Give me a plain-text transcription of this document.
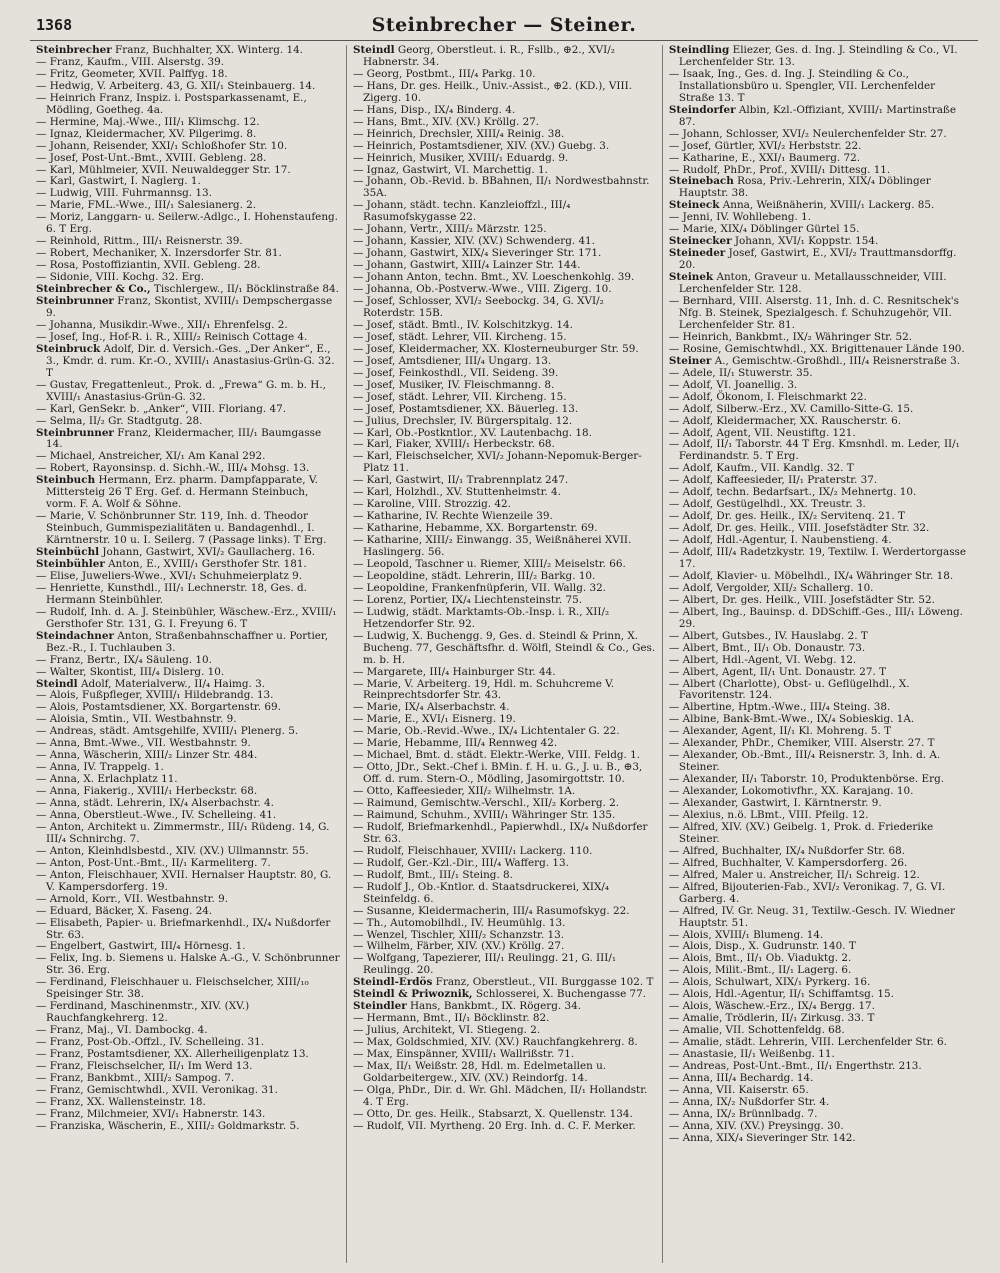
1368	Steinbrecher — Steiner.

Steinbrecher Franz, Buchhalter, XX. Winterg. 14.

— Franz, Kaufm., VIII. Alserstg. 39.

— Fritz, Geometer, XVII. Palffyg. 18.

— Hedwig, V. Arbeiterg. 43, G. XII/₁ Steinbauerg. 14.

— Heinrich Franz, Inspiz. i. Postsparkassenamt, E., Mödling, Goetheg. 4a.

— Hermine, Maj.-Wwe., III/₁ Klimschg. 12.

— Ignaz, Kleidermacher, XV. Pilgerimg. 8.

— Johann, Reisender, XXI/₁ Schloßhofer Str. 10.

— Josef, Post-Unt.-Bmt., XVIII. Gebleng. 28.

— Karl, Mühlmeier, XVII. Neuwaldegger Str. 17.

— Karl, Gastwirt, I. Naglerg. 1.

— Ludwig, VIII. Fuhrmannsg. 13.

— Marie, FML.-Wwe., III/₁ Salesianerg. 2.

— Moriz, Langgarn- u. Seilerw.-Adlgc., I. Hohenstaufeng. 6. T Erg.

— Reinhold, Rittm., III/₁ Reisnerstr. 39.

— Robert, Mechaniker, X. Inzersdorfer Str. 81.

— Rosa, Postoffiziantin, XVII. Gebleng. 28.

— Sidonie, VIII. Kochg. 32. Erg.

Steinbrecher & Co., Tischlergew., II/₁ Böcklinstraße 84.

Steinbrunner Franz, Skontist, XVIII/₁ Dempschergasse 9.

— Johanna, Musikdir.-Wwe., XII/₁ Ehrenfelsg. 2.

— Josef, Ing., Hof-R. i. R., XIII/₂ Reinisch Cottage 4.

Steinbruck Adolf, Dir. d. Versich.-Ges. „Der Anker“, E., 3., Kmdr. d. rum. Kr.-O., XVIII/₁ Anastasius-Grün-G. 32. T

— Gustav, Fregattenleut., Prok. d. „Frewa“ G. m. b. H., XVIII/₁ Anastasius-Grün-G. 32.

— Karl, GenSekr. b. „Anker“, VIII. Floriang. 47.

— Selma, II/₂ Gr. Stadtgutg. 28.

Steinbrunner Franz, Kleidermacher, III/₁ Baumgasse 14.

— Michael, Anstreicher, XI/₁ Am Kanal 292.

— Robert, Rayonsinsp. d. Sichh.-W., III/₄ Mohsg. 13.

Steinbuch Hermann, Erz. pharm. Dampfapparate, V. Mittersteig 26 T Erg. Gef. d. Hermann Steinbuch, vorm. F. A. Wolf & Söhne.

— Marie, V. Schönbrunner Str. 119, Inh. d. Theodor Steinbuch, Gummispezialitäten u. Bandagenhdl., I. Kärntnerstr. 10 u. I. Seilerg. 7 (Passage links). T Erg.

Steinbüchl Johann, Gastwirt, XVI/₂ Gaullacherg. 16.

Steinbühler Anton, E., XVIII/₁ Gersthofer Str. 181.

— Elise, Juweliers-Wwe., XVI/₁ Schuhmeierplatz 9.

— Henriette, Kunsthdl., III/₁ Lechnerstr. 18, Ges. d. Hermann Steinbühler.

— Rudolf, Inh. d. A. J. Steinbühler, Wäschew.-Erz., XVIII/₁ Gersthofer Str. 131, G. I. Freyung 6. T

Steindachner Anton, Straßenbahnschaffner u. Portier, Bez.-R., I. Tuchlauben 3.

— Franz, Bertr., IX/₄ Säuleng. 10.

— Walter, Skontist, III/₄ Dislerg. 10.

Steindl Adolf, Materialverw., II/₄ Haimg. 3.

— Alois, Fußpfleger, XVIII/₁ Hildebrandg. 13.

— Alois, Postamtsdiener, XX. Borgartenstr. 69.

— Aloisia, Smtin., VII. Westbahnstr. 9.

— Andreas, städt. Amtsgehilfe, XVIII/₁ Plenerg. 5.

— Anna, Bmt.-Wwe., VII. Westbahnstr. 9.

— Anna, Wäscherin, XIII/₂ Linzer Str. 484.

— Anna, IV. Trappelg. 1.

— Anna, X. Erlachplatz 11.

— Anna, Fiakerig., XVIII/₁ Herbeckstr. 68.

— Anna, städt. Lehrerin, IX/₄ Alserbachstr. 4.

— Anna, Oberstleut.-Wwe., IV. Schelleing. 41.

— Anton, Architekt u. Zimmermstr., III/₁ Rüdeng. 14, G. III/₄ Schnirchg. 7.

— Anton, Kleinhdlsbestd., XIV. (XV.) Ullmannstr. 55.

— Anton, Post-Unt.-Bmt., II/₁ Karmeliterg. 7.

— Anton, Fleischhauer, XVII. Hernalser Hauptstr. 80, G. V. Kampersdorferg. 19.

— Arnold, Korr., VII. Westbahnstr. 9.

— Eduard, Bäcker, X. Faseng. 24.

— Elisabeth, Papier- u. Briefmarkenhdl., IX/₄ Nußdorfer Str. 63.

— Engelbert, Gastwirt, III/₄ Hörnesg. 1.

— Felix, Ing. b. Siemens u. Halske A.-G., V. Schönbrunner Str. 36. Erg.

— Ferdinand, Fleischhauer u. Fleischselcher, XIII/₁₀ Speisinger Str. 38.

— Ferdinand, Maschinenmstr., XIV. (XV.) Rauchfangkehrerg. 12.

— Franz, Maj., VI. Dambockg. 4.

— Franz, Post-Ob.-Offzl., IV. Schelleing. 31.

— Franz, Postamtsdiener, XX. Allerheiligenplatz 13.

— Franz, Fleischselcher, II/₁ Im Werd 13.

— Franz, Bankbmt., XIII/₂ Sampog. 7.

— Franz, Gemischtwhdl., XVII. Veronikag. 31.

— Franz, XX. Wallensteinstr. 18.

— Franz, Milchmeier, XVI/₁ Habnerstr. 143.

— Franziska, Wäscherin, E., XIII/₂ Goldmarkstr. 5.

Steindl Georg, Oberstleut. i. R., Fsllb., ⊕2., XVI/₂ Habnerstr. 34.

— Georg, Postbmt., III/₄ Parkg. 10.

— Hans, Dr. ges. Heilk., Univ.-Assist., ⊕2. (KD.), VIII. Zigerg. 10.

— Hans, Disp., IX/₄ Binderg. 4.

— Hans, Bmt., XIV. (XV.) Kröllg. 27.

— Heinrich, Drechsler, XIII/₄ Reinig. 38.

— Heinrich, Postamtsdiener, XIV. (XV.) Guebg. 3.

— Heinrich, Musiker, XVIII/₁ Eduardg. 9.

— Ignaz, Gastwirt, VI. Marchettig. 1.

— Johann, Ob.-Revid. b. BBahnen, II/₁ Nordwestbahnstr. 35A.

— Johann, städt. techn. Kanzleioffzl., III/₄ Rasumofskygasse 22.

— Johann, Vertr., XIII/₂ Märzstr. 125.

— Johann, Kassier, XIV. (XV.) Schwenderg. 41.

— Johann, Gastwirt, XIX/₄ Sieveringer Str. 171.

— Johann, Gastwirt, XIII/₄ Lainzer Str. 144.

— Johann Anton, techn. Bmt., XV. Loeschenkohlg. 39.

— Johanna, Ob.-Postverw.-Wwe., VIII. Zigerg. 10.

— Josef, Schlosser, XVI/₂ Seebockg. 34, G. XVI/₂ Roterdstr. 15B.

— Josef, städt. Bmtl., IV. Kolschitzkyg. 14.

— Josef, städt. Lehrer, VII. Kircheng. 15.

— Josef, Kleidermacher, XX. Klosterneuburger Str. 59.

— Josef, Amtsdiener, III/₄ Ungarg. 13.

— Josef, Feinkosthdl., VII. Seideng. 39.

— Josef, Musiker, IV. Fleischmanng. 8.

— Josef, städt. Lehrer, VII. Kircheng. 15.

— Josef, Postamtsdiener, XX. Bäuerleg. 13.

— Julius, Drechsler, IV. Bürgerspitalg. 12.

— Karl, Ob.-Postkntlor., XV. Lautenbachg. 18.

— Karl, Fiaker, XVIII/₁ Herbeckstr. 68.

— Karl, Fleischselcher, XVI/₂ Johann-Nepomuk-Berger-Platz 11.

— Karl, Gastwirt, II/₁ Trabrennplatz 247.

— Karl, Holzhdl., XV. Stuttenheimstr. 4.

— Karoline, VIII. Strozzig. 42.

— Katharine, IV. Rechte Wienzeile 39.

— Katharine, Hebamme, XX. Borgartenstr. 69.

— Katharine, XIII/₂ Einwangg. 35, Weißnäherei XVII. Haslingerg. 56.

— Leopold, Taschner u. Riemer, XIII/₂ Meiselstr. 66.

— Leopoldine, städt. Lehrerin, III/₂ Barkg. 10.

— Leopoldine, Frankenfnüpferin, VII. Wallg. 32.

— Lorenz, Portier, IX/₄ Liechtensteinstr. 75.

— Ludwig, städt. Marktamts-Ob.-Insp. i. R., XII/₂ Hetzendorfer Str. 92.

— Ludwig, X. Buchengg. 9, Ges. d. Steindl & Prinn, X. Bucheng. 77, Geschäftsfhr. d. Wölfl, Steindl & Co., Ges. m. b. H.

— Margarete, III/₄ Hainburger Str. 44.

— Marie, V. Arbeiterg. 19, Hdl. m. Schuhcreme V. Reinprechtsdorfer Str. 43.

— Marie, IX/₄ Alserbachstr. 4.

— Marie, E., XVI/₁ Eisnerg. 19.

— Marie, Ob.-Revid.-Wwe., IX/₄ Lichtentaler G. 22.

— Marie, Hebamme, III/₄ Rennweg 42.

— Michael, Bmt. d. städt. Elektr.-Werke, VIII. Feldg. 1.

— Otto, JDr., Sekt.-Chef i. BMin. f. H. u. G., J. u. B., ⊕3, Off. d. rum. Stern-O., Mödling, Jasomirgottstr. 10.

— Otto, Kaffeesieder, XII/₂ Wilhelmstr. 1A.

— Raimund, Gemischtw.-Verschl., XII/₂ Korberg. 2.

— Raimund, Schuhm., XVIII/₁ Währinger Str. 135.

— Rudolf, Briefmarkenhdl., Papierwhdl., IX/₄ Nußdorfer Str. 63.

— Rudolf, Fleischhauer, XVIII/₁ Lackerg. 110.

— Rudolf, Ger.-Kzl.-Dir., III/₄ Wafferg. 13.

— Rudolf, Bmt., III/₁ Steing. 8.

— Rudolf J., Ob.-Kntlor. d. Staatsdruckerei, XIX/₄ Steinfeldg. 6.

— Susanne, Kleidermacherin, III/₄ Rasumofskyg. 22.

— Th., Automobilhdl., IV. Heumühlg. 13.

— Wenzel, Tischler, XIII/₂ Schanzstr. 13.

— Wilhelm, Färber, XIV. (XV.) Kröllg. 27.

— Wolfgang, Tapezierer, III/₁ Reulingg. 21, G. III/₁ Reulingg. 20.

Steindl-Erdös Franz, Oberstleut., VII. Burggasse 102. T

Steindl & Priwoznik, Schlosserei, X. Buchengasse 77.

Steindler Hans, Bankbmt., IX. Rögerg. 34.

— Hermann, Bmt., II/₁ Böcklinstr. 82.

— Julius, Architekt, VI. Stiegeng. 2.

— Max, Goldschmied, XIV. (XV.) Rauchfangkehrerg. 8.

— Max, Einspänner, XVIII/₁ Wallrißstr. 71.

— Max, II/₁ Weißstr. 28, Hdl. m. Edelmetallen u. Goldarbeitergew., XIV. (XV.) Reindorfg. 14.

— Olga, PhDr., Dir. d. Wr. Ghl. Mädchen, II/₁ Hollandstr. 4. T Erg.

— Otto, Dr. ges. Heilk., Stabsarzt, X. Quellenstr. 134.

— Rudolf, VII. Myrtheng. 20 Erg. Inh. d. C. F. Merker.

Steindling Eliezer, Ges. d. Ing. J. Steindling & Co., VI. Lerchenfelder Str. 13.

— Isaak, Ing., Ges. d. Ing. J. Steindling & Co., Installationsbüro u. Spengler, VII. Lerchenfelder Straße 13. T

Steindorfer Albin, Kzl.-Offiziant, XVIII/₁ Martinstraße 87.

— Johann, Schlosser, XVI/₂ Neulerchenfelder Str. 27.

— Josef, Gürtler, XVI/₂ Herbststr. 22.

— Katharine, E., XXI/₁ Baumerg. 72.

— Rudolf, PhDr., Prof., XVIII/₁ Dittesg. 11.

Steinebach Rosa, Priv.-Lehrerin, XIX/₄ Döblinger Hauptstr. 38.

Steineck Anna, Weißnäherin, XVIII/₁ Lackerg. 85.

— Jenni, IV. Wohllebeng. 1.

— Marie, XIX/₄ Döblinger Gürtel 15.

Steinecker Johann, XVI/₁ Koppstr. 154.

Steineder Josef, Gastwirt, E., XVI/₂ Trauttmansdorffg. 20.

Steinek Anton, Graveur u. Metallausschneider, VIII. Lerchenfelder Str. 128.

— Bernhard, VIII. Alserstg. 11, Inh. d. C. Resnitschek's Nfg. B. Steinek, Spezialgesch. f. Schuhzugehör, VII. Lerchenfelder Str. 81.

— Heinrich, Bankbmt., IX/₂ Währinger Str. 52.

— Rosine, Gemischtwhdl., XX. Brigittenauer Lände 190.

Steiner A., Gemischtw.-Großhdl., III/₄ Reisnerstraße 3.

— Adele, II/₁ Stuwerstr. 35.

— Adolf, VI. Joanellig. 3.

— Adolf, Ökonom, I. Fleischmarkt 22.

— Adolf, Silberw.-Erz., XV. Camillo-Sitte-G. 15.

— Adolf, Kleidermacher, XX. Rauscherstr. 6.

— Adolf, Agent, VII. Neustiftg. 121.

— Adolf, II/₁ Taborstr. 44 T Erg. Kmsnhdl. m. Leder, II/₁ Ferdinandstr. 5. T Erg.

— Adolf, Kaufm., VII. Kandlg. 32. T

— Adolf, Kaffeesieder, II/₁ Praterstr. 37.

— Adolf, techn. Bedarfsart., IX/₂ Mehnertg. 10.

— Adolf, Gestügelhdl., XX. Treustr. 3.

— Adolf, Dr. ges. Heilk., IX/₂ Servitenq. 21. T

— Adolf, Dr. ges. Heilk., VIII. Josefstädter Str. 32.

— Adolf, Hdl.-Agentur, I. Naubenstieng. 4.

— Adolf, III/₄ Radetzkystr. 19, Textilw. I. Werdertorgasse 17.

— Adolf, Klavier- u. Möbelhdl., IX/₄ Währinger Str. 18.

— Adolf, Vergolder, XII/₂ Schallerg. 10.

— Albert, Dr. ges. Heilk., VIII. Josefstädter Str. 52.

— Albert, Ing., Bauinsp. d. DDSchiff.-Ges., III/₁ Löweng. 29.

— Albert, Gutsbes., IV. Hauslabg. 2. T

— Albert, Bmt., II/₁ Ob. Donaustr. 73.

— Albert, Hdl.-Agent, VI. Webg. 12.

— Albert, Agent, II/₁ Unt. Donaustr. 27. T

— Albert (Charlotte), Obst- u. Geflügelhdl., X. Favoritenstr. 124.

— Albertine, Hptm.-Wwe., III/₄ Steing. 38.

— Albine, Bank-Bmt.-Wwe., IX/₄ Sobieskig. 1A.

— Alexander, Agent, II/₁ Kl. Mohreng. 5. T

— Alexander, PhDr., Chemiker, VIII. Alserstr. 27. T

— Alexander, Ob.-Bmt., III/₄ Reisnerstr. 3, Inh. d. A. Steiner.

— Alexander, II/₁ Taborstr. 10, Produktenbörse. Erg.

— Alexander, Lokomotivfhr., XX. Karajang. 10.

— Alexander, Gastwirt, I. Kärntnerstr. 9.

— Alexius, n.ö. LBmt., VIII. Pfeilg. 12.

— Alfred, XIV. (XV.) Geibelg. 1, Prok. d. Friederike Steiner.

— Alfred, Buchhalter, IX/₄ Nußdorfer Str. 68.

— Alfred, Buchhalter, V. Kampersdorferg. 26.

— Alfred, Maler u. Anstreicher, II/₁ Schreig. 12.

— Alfred, Bijouterien-Fab., XVI/₂ Veronikag. 7, G. VI. Garberg. 4.

— Alfred, IV. Gr. Neug. 31, Textilw.-Gesch. IV. Wiedner Hauptstr. 51.

— Alois, XVIII/₁ Blumeng. 14.

— Alois, Disp., X. Gudrunstr. 140. T

— Alois, Bmt., II/₁ Ob. Viaduktg. 2.

— Alois, Milit.-Bmt., II/₁ Lagerg. 6.

— Alois, Schulwart, XIX/₁ Pyrkerg. 16.

— Alois, Hdl.-Agentur, II/₁ Schiffamtsg. 15.

— Alois, Wäschew.-Erz., IX/₄ Bergg. 17.

— Amalie, Trödlerin, II/₁ Zirkusg. 33. T

— Amalie, VII. Schottenfeldg. 68.

— Amalie, städt. Lehrerin, VIII. Lerchenfelder Str. 6.

— Anastasie, II/₁ Weißenbg. 11.

— Andreas, Post-Unt.-Bmt., II/₁ Engerthstr. 213.

— Anna, III/₄ Bechardg. 14.

— Anna, VII. Kaiserstr. 65.

— Anna, IX/₂ Nußdorfer Str. 4.

— Anna, IX/₂ Brünnlbadg. 7.

— Anna, XIV. (XV.) Preysingg. 30.

— Anna, XIX/₄ Sieveringer Str. 142.
